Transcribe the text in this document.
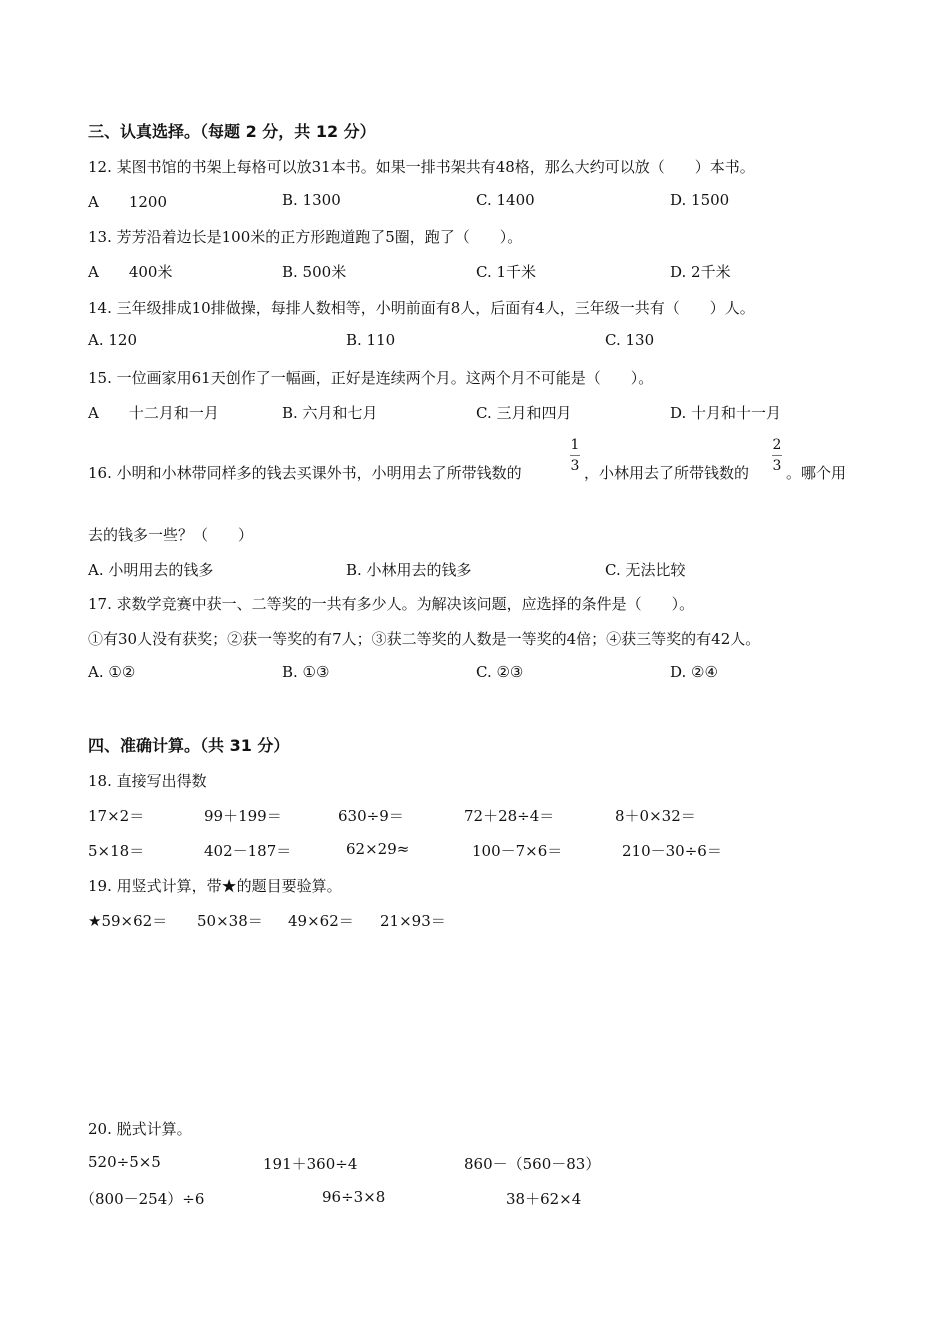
三、认真选择。（每题 2 分，共 12 分）
12. 某图书馆的书架上每格可以放31本书。如果一排书架共有48格，那么大约可以放（　　）本书。
A　　1200	B. 1300	C. 1400	D. 1500
13. 芳芳沿着边长是100米的正方形跑道跑了5圈，跑了（　　）。
A　　400米	B. 500米	C. 1千米	D. 2千米
14. 三年级排成10排做操，每排人数相等，小明前面有8人，后面有4人，三年级一共有（　　）人。
A. 120	B. 110	C. 130
15. 一位画家用61天创作了一幅画，正好是连续两个月。这两个月不可能是（　　）。
A　　十二月和一月	B. 六月和七月	C. 三月和四月	D. 十月和十一月
16. 小明和小林带同样多的钱去买课外书，小明用去了所带钱数的
1
3 ，小林用去了所带钱数的
2
3 。哪个用
去的钱多一些？（　　）
A. 小明用去的钱多	B. 小林用去的钱多	C. 无法比较
17. 求数学竞赛中获一、二等奖的一共有多少人。为解决该问题，应选择的条件是（　　）。
①有30人没有获奖；②获一等奖的有7人；③获二等奖的人数是一等奖的4倍；④获三等奖的有42人。
A. ①②	B. ①③	C. ②③	D. ②④
四、准确计算。（共 31 分）
18. 直接写出得数
17×2＝	99＋199＝	630÷9＝	72＋28÷4＝	8＋0×32＝
5×18＝	402－187＝	62×29≈	100－7×6＝	210－30÷6＝
19. 用竖式计算，带★的题目要验算。
★59×62＝ 50×38＝ 49×62＝ 21×93＝
20. 脱式计算。
520÷5×5	191＋360÷4	860－（560－83）
（800－254）÷6	96÷3×8	38＋62×4
